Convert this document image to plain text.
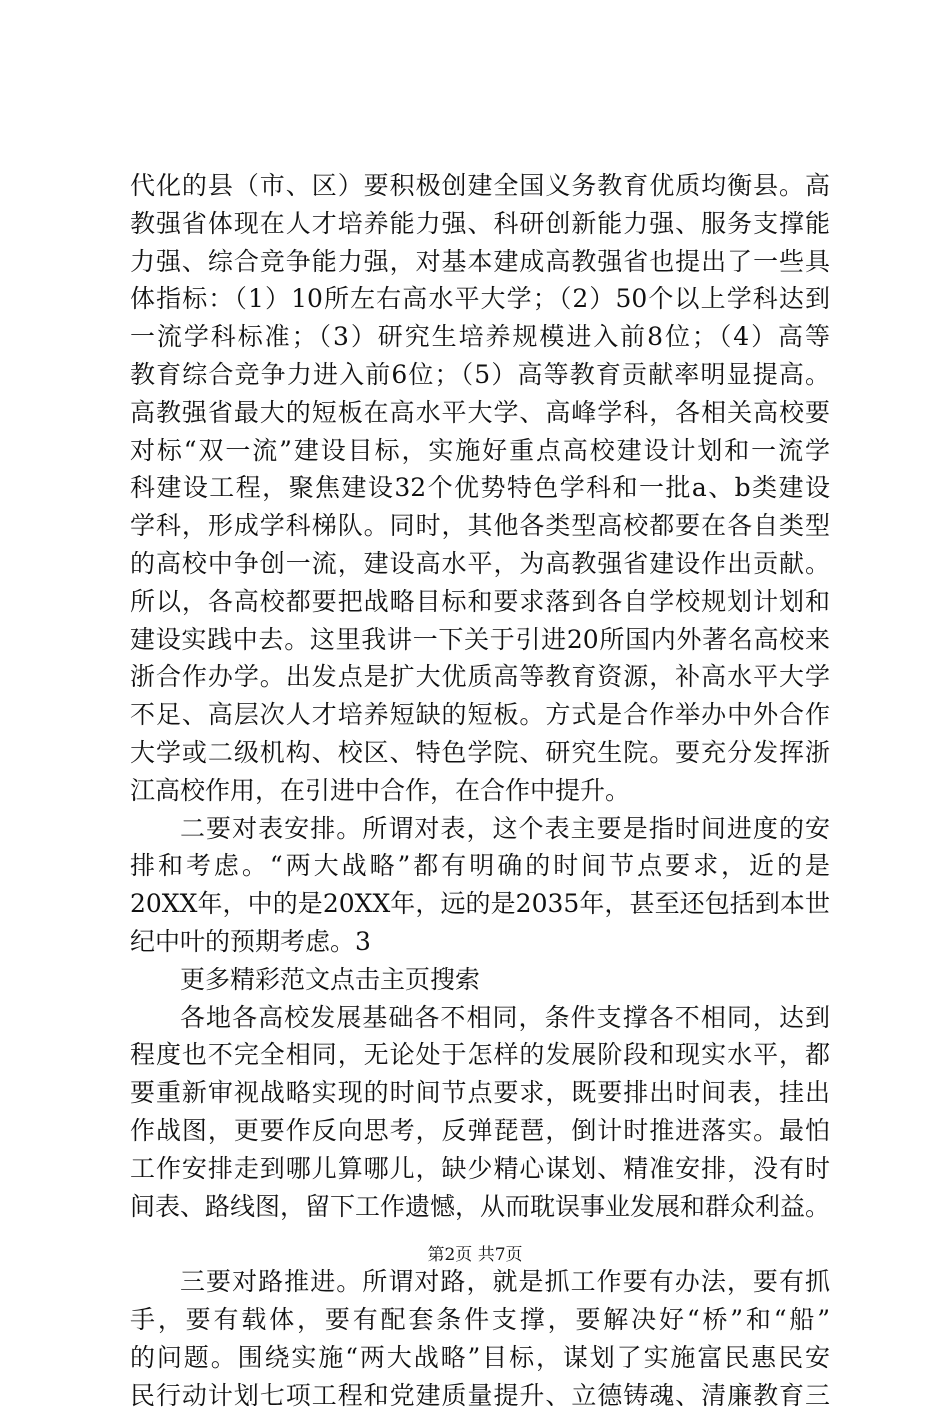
代化的县（市、区）要积极创建全国义务教育优质均衡县。高
教强省体现在人才培养能力强、科研创新能力强、服务支撑能
力强、综合竞争能力强，对基本建成高教强省也提出了一些具
体指标：（1）10所左右高水平大学；（2）50个以上学科达到
一流学科标准；（3）研究生培养规模进入前8位；（4）高等
教育综合竞争力进入前6位；（5）高等教育贡献率明显提高。
高教强省最大的短板在高水平大学、高峰学科，各相关高校要
对标“双一流”建设目标，实施好重点高校建设计划和一流学
科建设工程，聚焦建设32个优势特色学科和一批a、b类建设
学科，形成学科梯队。同时，其他各类型高校都要在各自类型
的高校中争创一流，建设高水平，为高教强省建设作出贡献。
所以，各高校都要把战略目标和要求落到各自学校规划计划和
建设实践中去。这里我讲一下关于引进20所国内外著名高校来
浙合作办学。出发点是扩大优质高等教育资源，补高水平大学
不足、高层次人才培养短缺的短板。方式是合作举办中外合作
大学或二级机构、校区、特色学院、研究生院。要充分发挥浙
江高校作用，在引进中合作，在合作中提升。
二要对表安排。所谓对表，这个表主要是指时间进度的安
排和考虑。“两大战略”都有明确的时间节点要求，近的是
20XX年，中的是20XX年，远的是2035年，甚至还包括到本世
纪中叶的预期考虑。3
更多精彩范文点击主页搜索
各地各高校发展基础各不相同，条件支撑各不相同，达到
程度也不完全相同，无论处于怎样的发展阶段和现实水平，都
要重新审视战略实现的时间节点要求，既要排出时间表，挂出
作战图，更要作反向思考，反弹琵琶，倒计时推进落实。最怕
工作安排走到哪儿算哪儿，缺少精心谋划、精准安排，没有时
间表、路线图，留下工作遗憾，从而耽误事业发展和群众利益。
三要对路推进。所谓对路，就是抓工作要有办法，要有抓
手，要有载体，要有配套条件支撑，要解决好“桥”和“船”
的问题。围绕实施“两大战略”目标，谋划了实施富民惠民安
民行动计划七项工程和党建质量提升、立德铸魂、清廉教育三
第2页 共7页
